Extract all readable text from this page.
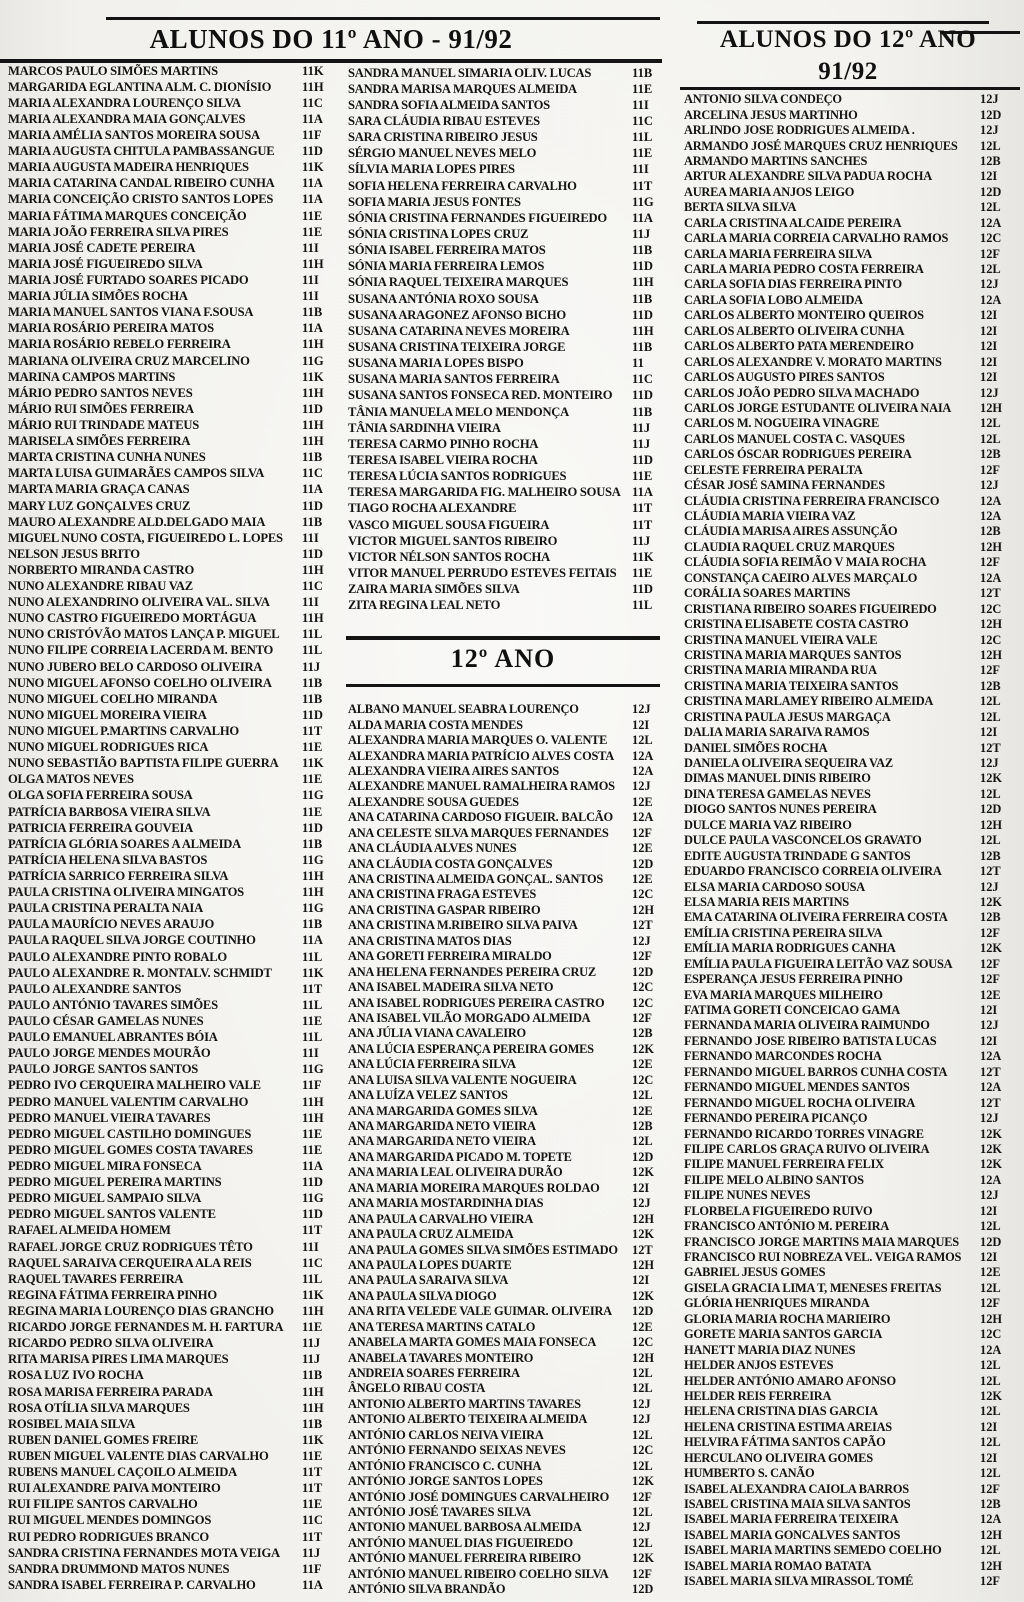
ALUNOS DO 11º ANO - 91/92	ALUNOS DO 12º ANO
91/92
12º ANO
MARCOS PAULO SIMÕES MARTINS	11K
MARGARIDA EGLANTINA ALM. C. DIONÍSIO	11H
MARIA ALEXANDRA LOURENÇO SILVA	11C
MARIA ALEXANDRA MAIA GONÇALVES	11A
MARIA AMÉLIA SANTOS MOREIRA SOUSA	11F
MARIA AUGUSTA CHITULA PAMBASSANGUE	11D
MARIA AUGUSTA MADEIRA HENRIQUES	11K
MARIA CATARINA CANDAL RIBEIRO CUNHA	11A
MARIA CONCEIÇÃO CRISTO SANTOS LOPES	11A
MARIA FÁTIMA MARQUES CONCEIÇÃO	11E
MARIA JOÃO FERREIRA SILVA PIRES	11E
MARIA JOSÉ CADETE PEREIRA	11I
MARIA JOSÉ FIGUEIREDO SILVA	11H
MARIA JOSÉ FURTADO SOARES PICADO	11I
MARIA JÚLIA SIMÕES ROCHA	11I
MARIA MANUEL SANTOS VIANA F.SOUSA	11B
MARIA ROSÁRIO PEREIRA MATOS	11A
MARIA ROSÁRIO REBELO FERREIRA	11H
MARIANA OLIVEIRA CRUZ MARCELINO	11G
MARINA CAMPOS MARTINS	11K
MÁRIO PEDRO SANTOS NEVES	11H
MÁRIO RUI SIMÕES FERREIRA	11D
MÁRIO RUI TRINDADE MATEUS	11H
MARISELA SIMÕES FERREIRA	11H
MARTA CRISTINA CUNHA NUNES	11B
MARTA LUISA GUIMARÃES CAMPOS SILVA	11C
MARTA MARIA GRAÇA CANAS	11A
MARY LUZ GONÇALVES CRUZ	11D
MAURO ALEXANDRE ALD.DELGADO MAIA	11B
MIGUEL NUNO COSTA, FIGUEIREDO L. LOPES	11I
NELSON JESUS BRITO	11D
NORBERTO MIRANDA CASTRO	11H
NUNO ALEXANDRE RIBAU VAZ	11C
NUNO ALEXANDRINO OLIVEIRA VAL. SILVA	11I
NUNO CASTRO FIGUEIREDO MORTÁGUA	11H
NUNO CRISTÓVÃO MATOS LANÇA P. MIGUEL	11L
NUNO FILIPE CORREIA LACERDA M. BENTO	11L
NUNO JUBERO BELO CARDOSO OLIVEIRA	11J
NUNO MIGUEL AFONSO COELHO OLIVEIRA	11B
NUNO MIGUEL COELHO MIRANDA	11B
NUNO MIGUEL MOREIRA VIEIRA	11D
NUNO MIGUEL P.MARTINS CARVALHO	11T
NUNO MIGUEL RODRIGUES RICA	11E
NUNO SEBASTIÃO BAPTISTA FILIPE GUERRA	11K
OLGA MATOS NEVES	11E
OLGA SOFIA FERREIRA SOUSA	11G
PATRÍCIA BARBOSA VIEIRA SILVA	11E
PATRICIA FERREIRA GOUVEIA	11D
PATRÍCIA GLÓRIA SOARES A ALMEIDA	11B
PATRÍCIA HELENA SILVA BASTOS	11G
PATRÍCIA SARRICO FERREIRA SILVA	11H
PAULA CRISTINA OLIVEIRA MINGATOS	11H
PAULA CRISTINA PERALTA NAIA	11G
PAULA MAURÍCIO NEVES ARAUJO	11B
PAULA RAQUEL SILVA JORGE COUTINHO	11A
PAULO ALEXANDRE PINTO ROBALO	11L
PAULO ALEXANDRE R. MONTALV. SCHMIDT	11K
PAULO ALEXANDRE SANTOS	11T
PAULO ANTÓNIO TAVARES SIMÕES	11L
PAULO CÉSAR GAMELAS NUNES	11E
PAULO EMANUEL ABRANTES BÓIA	11L
PAULO JORGE MENDES MOURÃO	11I
PAULO JORGE SANTOS SANTOS	11G
PEDRO IVO CERQUEIRA MALHEIRO VALE	11F
PEDRO MANUEL VALENTIM CARVALHO	11H
PEDRO MANUEL VIEIRA TAVARES	11H
PEDRO MIGUEL CASTILHO DOMINGUES	11E
PEDRO MIGUEL GOMES COSTA TAVARES	11E
PEDRO MIGUEL MIRA FONSECA	11A
PEDRO MIGUEL PEREIRA MARTINS	11D
PEDRO MIGUEL SAMPAIO SILVA	11G
PEDRO MIGUEL SANTOS VALENTE	11D
RAFAEL ALMEIDA HOMEM	11T
RAFAEL JORGE CRUZ RODRIGUES TÊTO	11I
RAQUEL SARAIVA CERQUEIRA ALA REIS	11C
RAQUEL TAVARES FERREIRA	11L
REGINA FÁTIMA FERREIRA PINHO	11K
REGINA MARIA LOURENÇO DIAS GRANCHO	11H
RICARDO JORGE FERNANDES M. H. FARTURA	11E
RICARDO PEDRO SILVA OLIVEIRA	11J
RITA MARISA PIRES LIMA MARQUES	11J
ROSA LUZ IVO ROCHA	11B
ROSA MARISA FERREIRA PARADA	11H
ROSA OTÍLIA SILVA MARQUES	11H
ROSIBEL MAIA SILVA	11B
RUBEN DANIEL GOMES FREIRE	11K
RUBEN MIGUEL VALENTE DIAS CARVALHO	11E
RUBENS MANUEL CAÇOILO ALMEIDA	11T
RUI ALEXANDRE PAIVA MONTEIRO	11T
RUI FILIPE SANTOS CARVALHO	11E
RUI MIGUEL MENDES DOMINGOS	11C
RUI PEDRO RODRIGUES BRANCO	11T
SANDRA CRISTINA FERNANDES MOTA VEIGA	11J
SANDRA DRUMMOND MATOS NUNES	11F
SANDRA ISABEL FERREIRA P. CARVALHO	11A
SANDRA MANUEL SIMARIA OLIV. LUCAS	11B
SANDRA MARISA MARQUES ALMEIDA	11E
SANDRA SOFIA ALMEIDA SANTOS	11I
SARA CLÁUDIA RIBAU ESTEVES	11C
SARA CRISTINA RIBEIRO JESUS	11L
SÉRGIO MANUEL NEVES MELO	11E
SÍLVIA MARIA LOPES PIRES	11I
SOFIA HELENA FERREIRA CARVALHO	11T
SOFIA MARIA JESUS FONTES	11G
SÓNIA CRISTINA FERNANDES FIGUEIREDO	11A
SÓNIA CRISTINA LOPES CRUZ	11J
SÓNIA ISABEL FERREIRA MATOS	11B
SÓNIA MARIA FERREIRA LEMOS	11D
SÓNIA RAQUEL TEIXEIRA MARQUES	11H
SUSANA ANTÓNIA ROXO SOUSA	11B
SUSANA ARAGONEZ AFONSO BICHO	11D
SUSANA CATARINA NEVES MOREIRA	11H
SUSANA CRISTINA TEIXEIRA JORGE	11B
SUSANA MARIA LOPES BISPO	11
SUSANA MARIA SANTOS FERREIRA	11C
SUSANA SANTOS FONSECA RED. MONTEIRO	11D
TÂNIA MANUELA MELO MENDONÇA	11B
TÂNIA SARDINHA VIEIRA	11J
TERESA CARMO PINHO ROCHA	11J
TERESA ISABEL VIEIRA ROCHA	11D
TERESA LÚCIA SANTOS RODRIGUES	11E
TERESA MARGARIDA FIG. MALHEIRO SOUSA 11A
TIAGO ROCHA ALEXANDRE	11T
VASCO MIGUEL SOUSA FIGUEIRA	11T
VICTOR MIGUEL SANTOS RIBEIRO	11J
VICTOR NÉLSON SANTOS ROCHA	11K
VITOR MANUEL PERRUDO ESTEVES FEITAIS	11E
ZAIRA MARIA SIMÕES SILVA	11D
ZITA REGINA LEAL NETO	11L
ALBANO MANUEL SEABRA LOURENÇO	12J
ALDA MARIA COSTA MENDES	12I
ALEXANDRA MARIA MARQUES O. VALENTE	12L
ALEXANDRA MARIA PATRÍCIO ALVES COSTA	12A
ALEXANDRA VIEIRA AIRES SANTOS	12A
ALEXANDRE MANUEL RAMALHEIRA RAMOS	12J
ALEXANDRE SOUSA GUEDES	12E
ANA CATARINA CARDOSO FIGUEIR. BALCÃO	12A
ANA CELESTE SILVA MARQUES FERNANDES	12F
ANA CLÁUDIA ALVES NUNES	12E
ANA CLÁUDIA COSTA GONÇALVES	12D
ANA CRISTINA ALMEIDA GONÇAL. SANTOS	12E
ANA CRISTINA FRAGA ESTEVES	12C
ANA CRISTINA GASPAR RIBEIRO	12H
ANA CRISTINA M.RIBEIRO SILVA PAIVA	12T
ANA CRISTINA MATOS DIAS	12J
ANA GORETI FERREIRA MIRALDO	12F
ANA HELENA FERNANDES PEREIRA CRUZ	12D
ANA ISABEL MADEIRA SILVA NETO	12C
ANA ISABEL RODRIGUES PEREIRA CASTRO	12C
ANA ISABEL VILÃO MORGADO ALMEIDA	12F
ANA JÚLIA VIANA CAVALEIRO	12B
ANA LÚCIA ESPERANÇA PEREIRA GOMES	12K
ANA LÚCIA FERREIRA SILVA	12E
ANA LUISA SILVA VALENTE NOGUEIRA	12C
ANA LUÍZA VELEZ SANTOS	12L
ANA MARGARIDA GOMES SILVA	12E
ANA MARGARIDA NETO VIEIRA	12B
ANA MARGARIDA NETO VIEIRA	12L
ANA MARGARIDA PICADO M. TOPETE	12D
ANA MARIA LEAL OLIVEIRA DURÃO	12K
ANA MARIA MOREIRA MARQUES ROLDAO	12I
ANA MARIA MOSTARDINHA DIAS	12J
ANA PAULA CARVALHO VIEIRA	12H
ANA PAULA CRUZ ALMEIDA	12K
ANA PAULA GOMES SILVA SIMÕES ESTIMADO	12T
ANA PAULA LOPES DUARTE	12H
ANA PAULA SARAIVA SILVA	12I
ANA PAULA SILVA DIOGO	12K
ANA RITA VELEDE VALE GUIMAR. OLIVEIRA	12D
ANA TERESA MARTINS CATALO	12E
ANABELA MARTA GOMES MAIA FONSECA	12C
ANABELA TAVARES MONTEIRO	12H
ANDREIA SOARES FERREIRA	12L
ÂNGELO RIBAU COSTA	12L
ANTONIO ALBERTO MARTINS TAVARES	12J
ANTONIO ALBERTO TEIXEIRA ALMEIDA	12J
ANTÓNIO CARLOS NEIVA VIEIRA	12L
ANTÓNIO FERNANDO SEIXAS NEVES	12C
ANTÓNIO FRANCISCO C. CUNHA	12L
ANTÓNIO JORGE SANTOS LOPES	12K
ANTÓNIO JOSÉ DOMINGUES CARVALHEIRO	12F
ANTÓNIO JOSÉ TAVARES SILVA	12L
ANTONIO MANUEL BARBOSA ALMEIDA	12J
ANTÓNIO MANUEL DIAS FIGUEIREDO	12L
ANTÓNIO MANUEL FERREIRA RIBEIRO	12K
ANTÓNIO MANUEL RIBEIRO COELHO SILVA	12F
ANTÓNIO SILVA BRANDÃO	12D
ANTONIO SILVA CONDEÇO	12J
ARCELINA JESUS MARTINHO	12D
ARLINDO JOSE RODRIGUES ALMEIDA .	12J
ARMANDO JOSÉ MARQUES CRUZ HENRIQUES	12L
ARMANDO MARTINS SANCHES	12B
ARTUR ALEXANDRE SILVA PADUA ROCHA	12I
AUREA MARIA ANJOS LEIGO	12D
BERTA SILVA SILVA	12L
CARLA CRISTINA ALCAIDE PEREIRA	12A
CARLA MARIA CORREIA CARVALHO RAMOS	12C
CARLA MARIA FERREIRA SILVA	12F
CARLA MARIA PEDRO COSTA FERREIRA	12L
CARLA SOFIA DIAS FERREIRA PINTO	12J
CARLA SOFIA LOBO ALMEIDA	12A
CARLOS ALBERTO MONTEIRO QUEIROS	12I
CARLOS ALBERTO OLIVEIRA CUNHA	12I
CARLOS ALBERTO PATA MERENDEIRO	12I
CARLOS ALEXANDRE V. MORATO MARTINS	12I
CARLOS AUGUSTO PIRES SANTOS	12I
CARLOS JOÃO PEDRO SILVA MACHADO	12J
CARLOS JORGE ESTUDANTE OLIVEIRA NAIA	12H
CARLOS M. NOGUEIRA VINAGRE	12L
CARLOS MANUEL COSTA C. VASQUES	12L
CARLOS ÓSCAR RODRIGUES PEREIRA	12B
CELESTE FERREIRA PERALTA	12F
CÉSAR JOSÉ SAMINA FERNANDES	12J
CLÁUDIA CRISTINA FERREIRA FRANCISCO	12A
CLÁUDIA MARIA VIEIRA VAZ	12A
CLÁUDIA MARISA AIRES ASSUNÇÃO	12B
CLAUDIA RAQUEL CRUZ MARQUES	12H
CLÁUDIA SOFIA REIMÃO V MAIA ROCHA	12F
CONSTANÇA CAEIRO ALVES MARÇALO	12A
CORÁLIA SOARES MARTINS	12T
CRISTIANA RIBEIRO SOARES FIGUEIREDO	12C
CRISTINA ELISABETE COSTA CASTRO	12H
CRISTINA MANUEL VIEIRA VALE	12C
CRISTINA MARIA MARQUES SANTOS	12H
CRISTINA MARIA MIRANDA RUA	12F
CRISTINA MARIA TEIXEIRA SANTOS	12B
CRISTINA MARLAMEY RIBEIRO ALMEIDA	12L
CRISTINA PAULA JESUS MARGAÇA	12L
DALIA MARIA SARAIVA RAMOS	12I
DANIEL SIMÕES ROCHA	12T
DANIELA OLIVEIRA SEQUEIRA VAZ	12J
DIMAS MANUEL DINIS RIBEIRO	12K
DINA TERESA GAMELAS NEVES	12L
DIOGO SANTOS NUNES PEREIRA	12D
DULCE MARIA VAZ RIBEIRO	12H
DULCE PAULA VASCONCELOS GRAVATO	12L
EDITE AUGUSTA TRINDADE G SANTOS	12B
EDUARDO FRANCISCO CORREIA OLIVEIRA	12T
ELSA MARIA CARDOSO SOUSA	12J
ELSA MARIA REIS MARTINS	12K
EMA CATARINA OLIVEIRA FERREIRA COSTA	12B
EMÍLIA CRISTINA PEREIRA SILVA	12F
EMÍLIA MARIA RODRIGUES CANHA	12K
EMÍLIA PAULA FIGUEIRA LEITÃO VAZ SOUSA	12F
ESPERANÇA JESUS FERREIRA PINHO	12F
EVA MARIA MARQUES MILHEIRO	12E
FATIMA GORETI CONCEICAO GAMA	12I
FERNANDA MARIA OLIVEIRA RAIMUNDO	12J
FERNANDO JOSE RIBEIRO BATISTA LUCAS	12I
FERNANDO MARCONDES ROCHA	12A
FERNANDO MIGUEL BARROS CUNHA COSTA	12T
FERNANDO MIGUEL MENDES SANTOS	12A
FERNANDO MIGUEL ROCHA OLIVEIRA	12T
FERNANDO PEREIRA PICANÇO	12J
FERNANDO RICARDO TORRES VINAGRE	12K
FILIPE CARLOS GRAÇA RUIVO OLIVEIRA	12K
FILIPE MANUEL FERREIRA FELIX	12K
FILIPE MELO ALBINO SANTOS	12A
FILIPE NUNES NEVES	12J
FLORBELA FIGUEIREDO RUIVO	12I
FRANCISCO ANTÓNIO M. PEREIRA	12L
FRANCISCO JORGE MARTINS MAIA MARQUES	12D
FRANCISCO RUI NOBREZA VEL. VEIGA RAMOS	12I
GABRIEL JESUS GOMES	12E
GISELA GRACIA LIMA T, MENESES FREITAS	12L
GLÓRIA HENRIQUES MIRANDA	12F
GLORIA MARIA ROCHA MARIEIRO	12H
GORETE MARIA SANTOS GARCIA	12C
HANETT MARIA DIAZ NUNES	12A
HELDER ANJOS ESTEVES	12L
HELDER ANTÓNIO AMARO AFONSO	12L
HELDER REIS FERREIRA	12K
HELENA CRISTINA DIAS GARCIA	12L
HELENA CRISTINA ESTIMA AREIAS	12I
HELVIRA FÁTIMA SANTOS CAPÃO	12L
HERCULANO OLIVEIRA GOMES	12I
HUMBERTO S. CANÃO	12L
ISABEL ALEXANDRA CAIOLA BARROS	12F
ISABEL CRISTINA MAIA SILVA SANTOS	12B
ISABEL MARIA FERREIRA TEIXEIRA	12A
ISABEL MARIA GONCALVES SANTOS	12H
ISABEL MARIA MARTINS SEMEDO COELHO	12L
ISABEL MARIA ROMAO BATATA	12H
ISABEL MARIA SILVA MIRASSOL TOMÉ	12F
